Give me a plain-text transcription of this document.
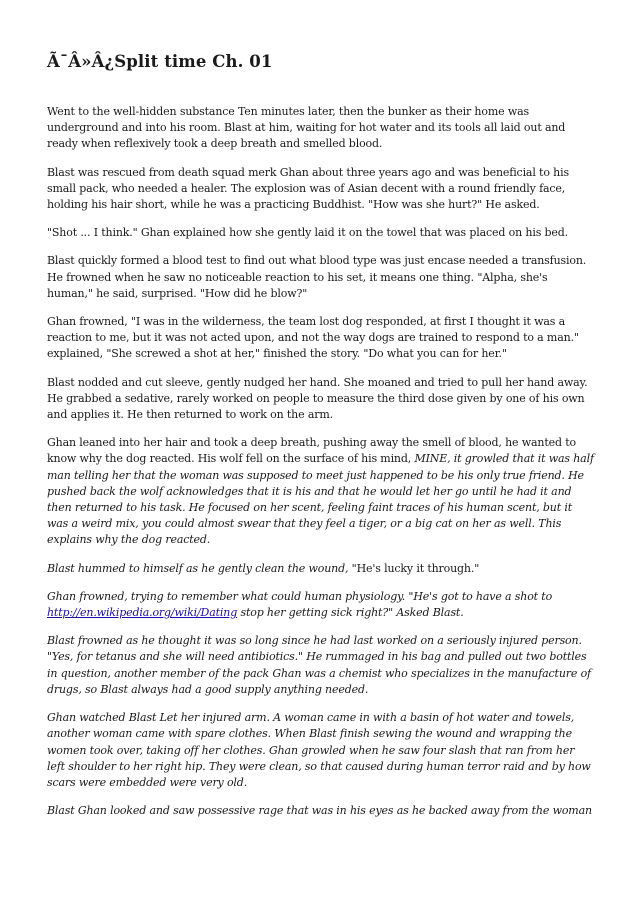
Ã¯Â»Â¿Split time Ch. 01

Went to the well-hidden substance Ten minutes later, then the bunker as their home was underground and into his room. Blast at him, waiting for hot water and its tools all laid out and ready when reflexively took a deep breath and smelled blood.

Blast was rescued from death squad merk Ghan about three years ago and was beneficial to his small pack, who needed a healer. The explosion was of Asian decent with a round friendly face, holding his hair short, while he was a practicing Buddhist. "How was she hurt?" He asked.

"Shot ... I think." Ghan explained how she gently laid it on the towel that was placed on his bed.

Blast quickly formed a blood test to find out what blood type was just encase needed a transfusion. He frowned when he saw no noticeable reaction to his set, it means one thing. "Alpha, she's human," he said, surprised. "How did he blow?"

Ghan frowned, "I was in the wilderness, the team lost dog responded, at first I thought it was a reaction to me, but it was not acted upon, and not the way dogs are trained to respond to a man." explained, "She screwed a shot at her," finished the story. "Do what you can for her."

Blast nodded and cut sleeve, gently nudged her hand. She moaned and tried to pull her hand away. He grabbed a sedative, rarely worked on people to measure the third dose given by one of his own and applies it. He then returned to work on the arm.

Ghan leaned into her hair and took a deep breath, pushing away the smell of blood, he wanted to know why the dog reacted. His wolf fell on the surface of his mind, MINE, it growled that it was half man telling her that the woman was supposed to meet just happened to be his only true friend. He pushed back the wolf acknowledges that it is his and that he would let her go until he had it and then returned to his task. He focused on her scent, feeling faint traces of his human scent, but it was a weird mix, you could almost swear that they feel a tiger, or a big cat on her as well. This explains why the dog reacted.

Blast hummed to himself as he gently clean the wound, "He's lucky it through."

Ghan frowned, trying to remember what could human physiology. "He's got to have a shot to http://en.wikipedia.org/wiki/Dating stop her getting sick right?" Asked Blast.

Blast frowned as he thought it was so long since he had last worked on a seriously injured person. "Yes, for tetanus and she will need antibiotics." He rummaged in his bag and pulled out two bottles in question, another member of the pack Ghan was a chemist who specializes in the manufacture of drugs, so Blast always had a good supply anything needed.

Ghan watched Blast Let her injured arm. A woman came in with a basin of hot water and towels, another woman came with spare clothes. When Blast finish sewing the wound and wrapping the women took over, taking off her clothes. Ghan growled when he saw four slash that ran from her left shoulder to her right hip. They were clean, so that caused during human terror raid and by how scars were embedded were very old.

Blast Ghan looked and saw possessive rage that was in his eyes as he backed away from the woman
